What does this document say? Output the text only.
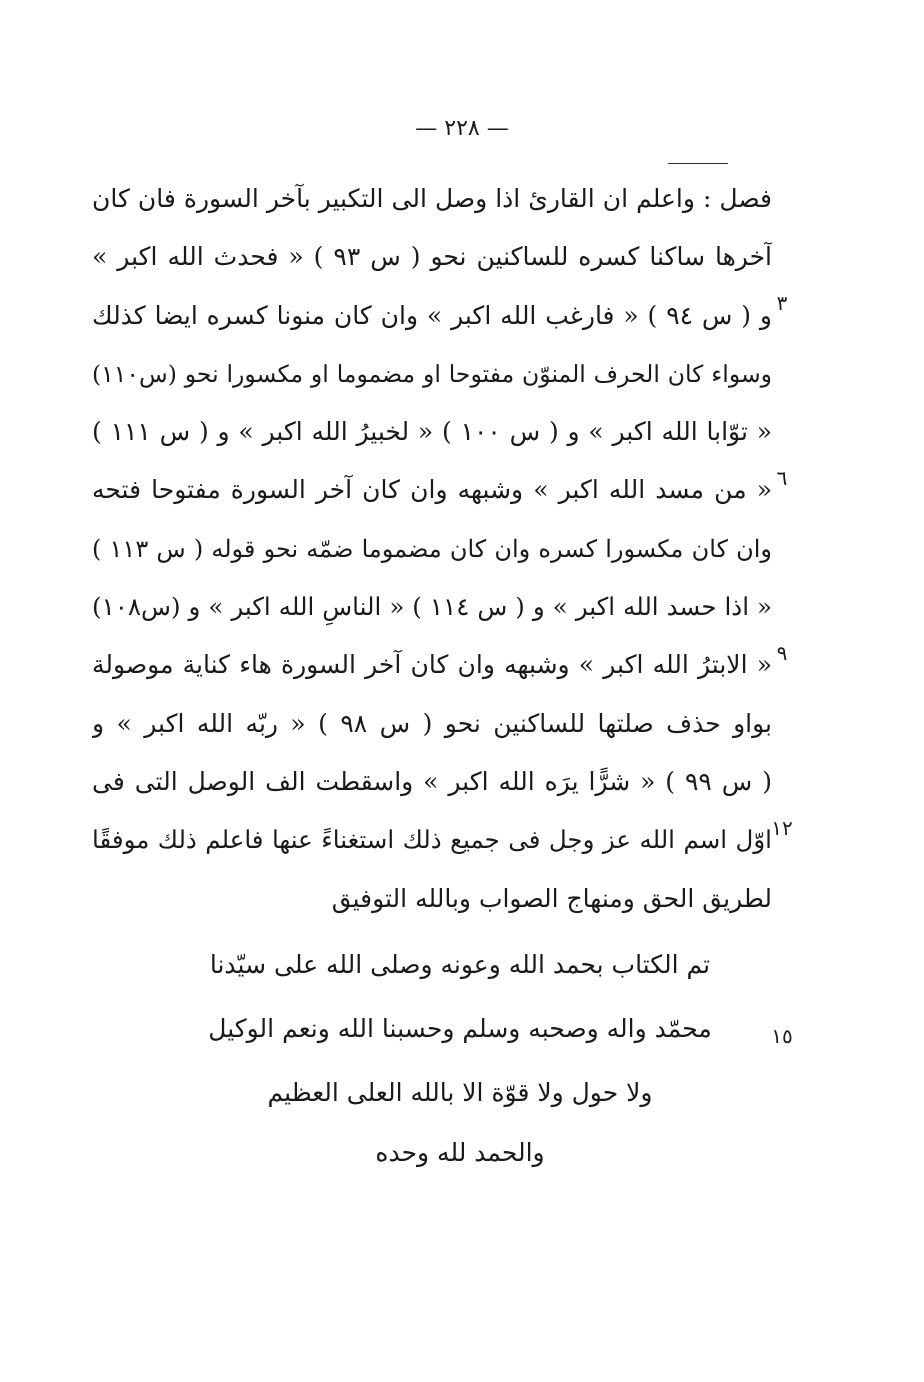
— ٢٢٨ —
فصل : واعلم ان القارئ اذا وصل الى التكبير بآخر السورة فان كان
آخرها ساكنا كسره للساكنين نحو ( س ٩٣ ) « فحدث الله اكبر »
و ( س ٩٤ ) « فارغب الله اكبر » وان كان منونا كسره ايضا كذلك
وسواء كان الحرف المنوّن مفتوحا او مضموما او مكسورا نحو (س١١٠)
« توّابا الله اكبر » و ( س ١٠٠ ) « لخبيرُ الله اكبر » و ( س ١١١ )
« من مسد الله اكبر » وشبهه وان كان آخر السورة مفتوحا فتحه
وان كان مكسورا كسره وان كان مضموما ضمّه نحو قوله ( س ١١٣ )
« اذا حسد الله اكبر » و ( س ١١٤ ) « الناسِ الله اكبر » و (س١٠٨)
« الابترُ الله اكبر » وشبهه وان كان آخر السورة هاء كناية موصولة
بواو حذف صلتها للساكنين نحو ( س ٩٨ ) « ربّه الله اكبر » و
( س ٩٩ ) « شرًّا يرَه الله اكبر » واسقطت الف الوصل التى فى
اوّل اسم الله عز وجل فى جميع ذلك استغناءً عنها فاعلم ذلك موفقًا
لطريق الحق ومنهاج الصواب وبالله التوفيق
٣
٦
٩
١٢
١٥
تم الكتاب بحمد الله وعونه وصلى الله على سيّدنا
محمّد واله وصحبه وسلم وحسبنا الله ونعم الوكيل
ولا حول ولا قوّة الا بالله العلى العظيم
والحمد لله وحده
